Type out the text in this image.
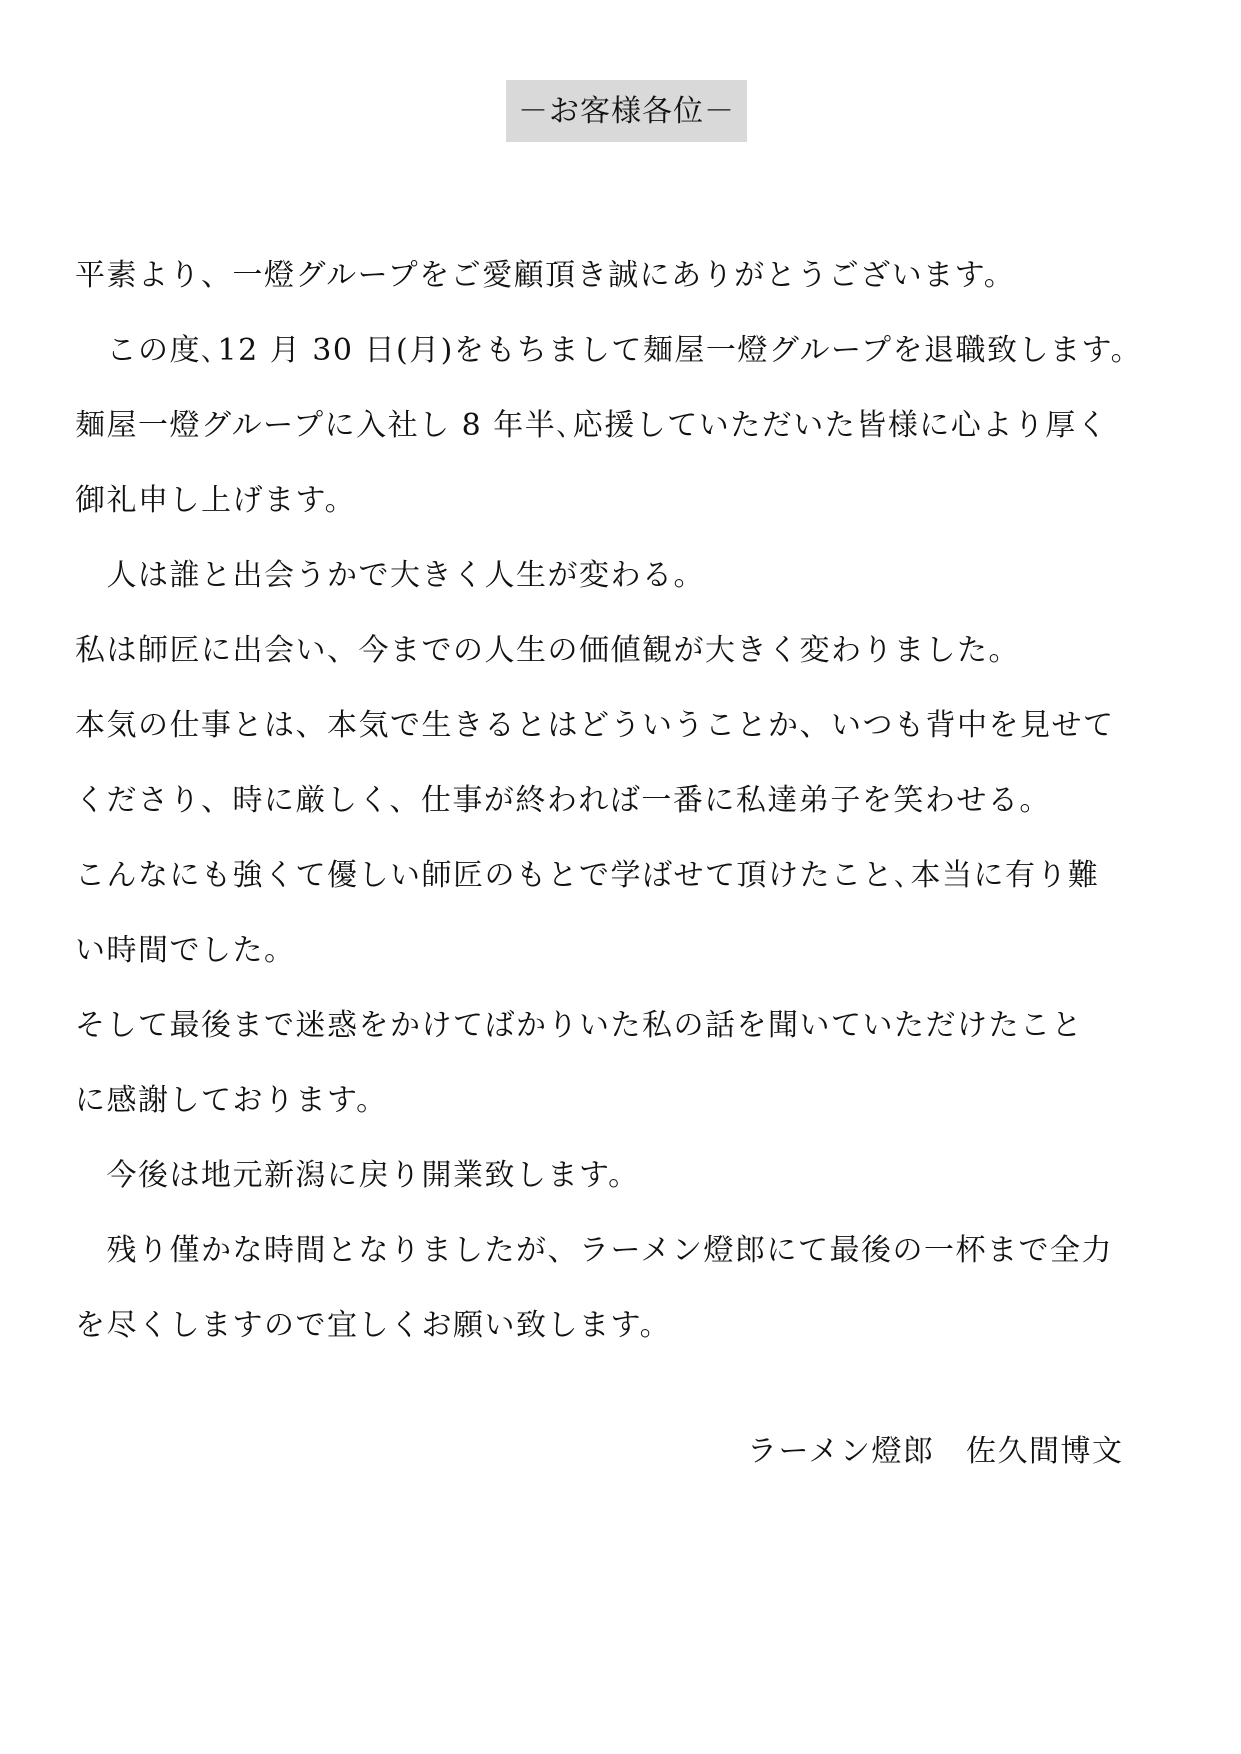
－お客様各位－
平素より、一燈グループをご愛顧頂き誠にありがとうございます。
　この度､12 月 30 日(月)をもちまして麺屋一燈グループを退職致します。
麺屋一燈グループに入社し 8 年半､応援していただいた皆様に心より厚く
御礼申し上げます。
　人は誰と出会うかで大きく人生が変わる。
私は師匠に出会い、今までの人生の価値観が大きく変わりました。
本気の仕事とは、本気で生きるとはどういうことか、いつも背中を見せて
くださり、時に厳しく、仕事が終われば一番に私達弟子を笑わせる。
こんなにも強くて優しい師匠のもとで学ばせて頂けたこと､本当に有り難
い時間でした。
そして最後まで迷惑をかけてばかりいた私の話を聞いていただけたこと
に感謝しております。
　今後は地元新潟に戻り開業致します。
　残り僅かな時間となりましたが、ラーメン燈郎にて最後の一杯まで全力
を尽くしますので宜しくお願い致します。
ラーメン燈郎　佐久間博文
